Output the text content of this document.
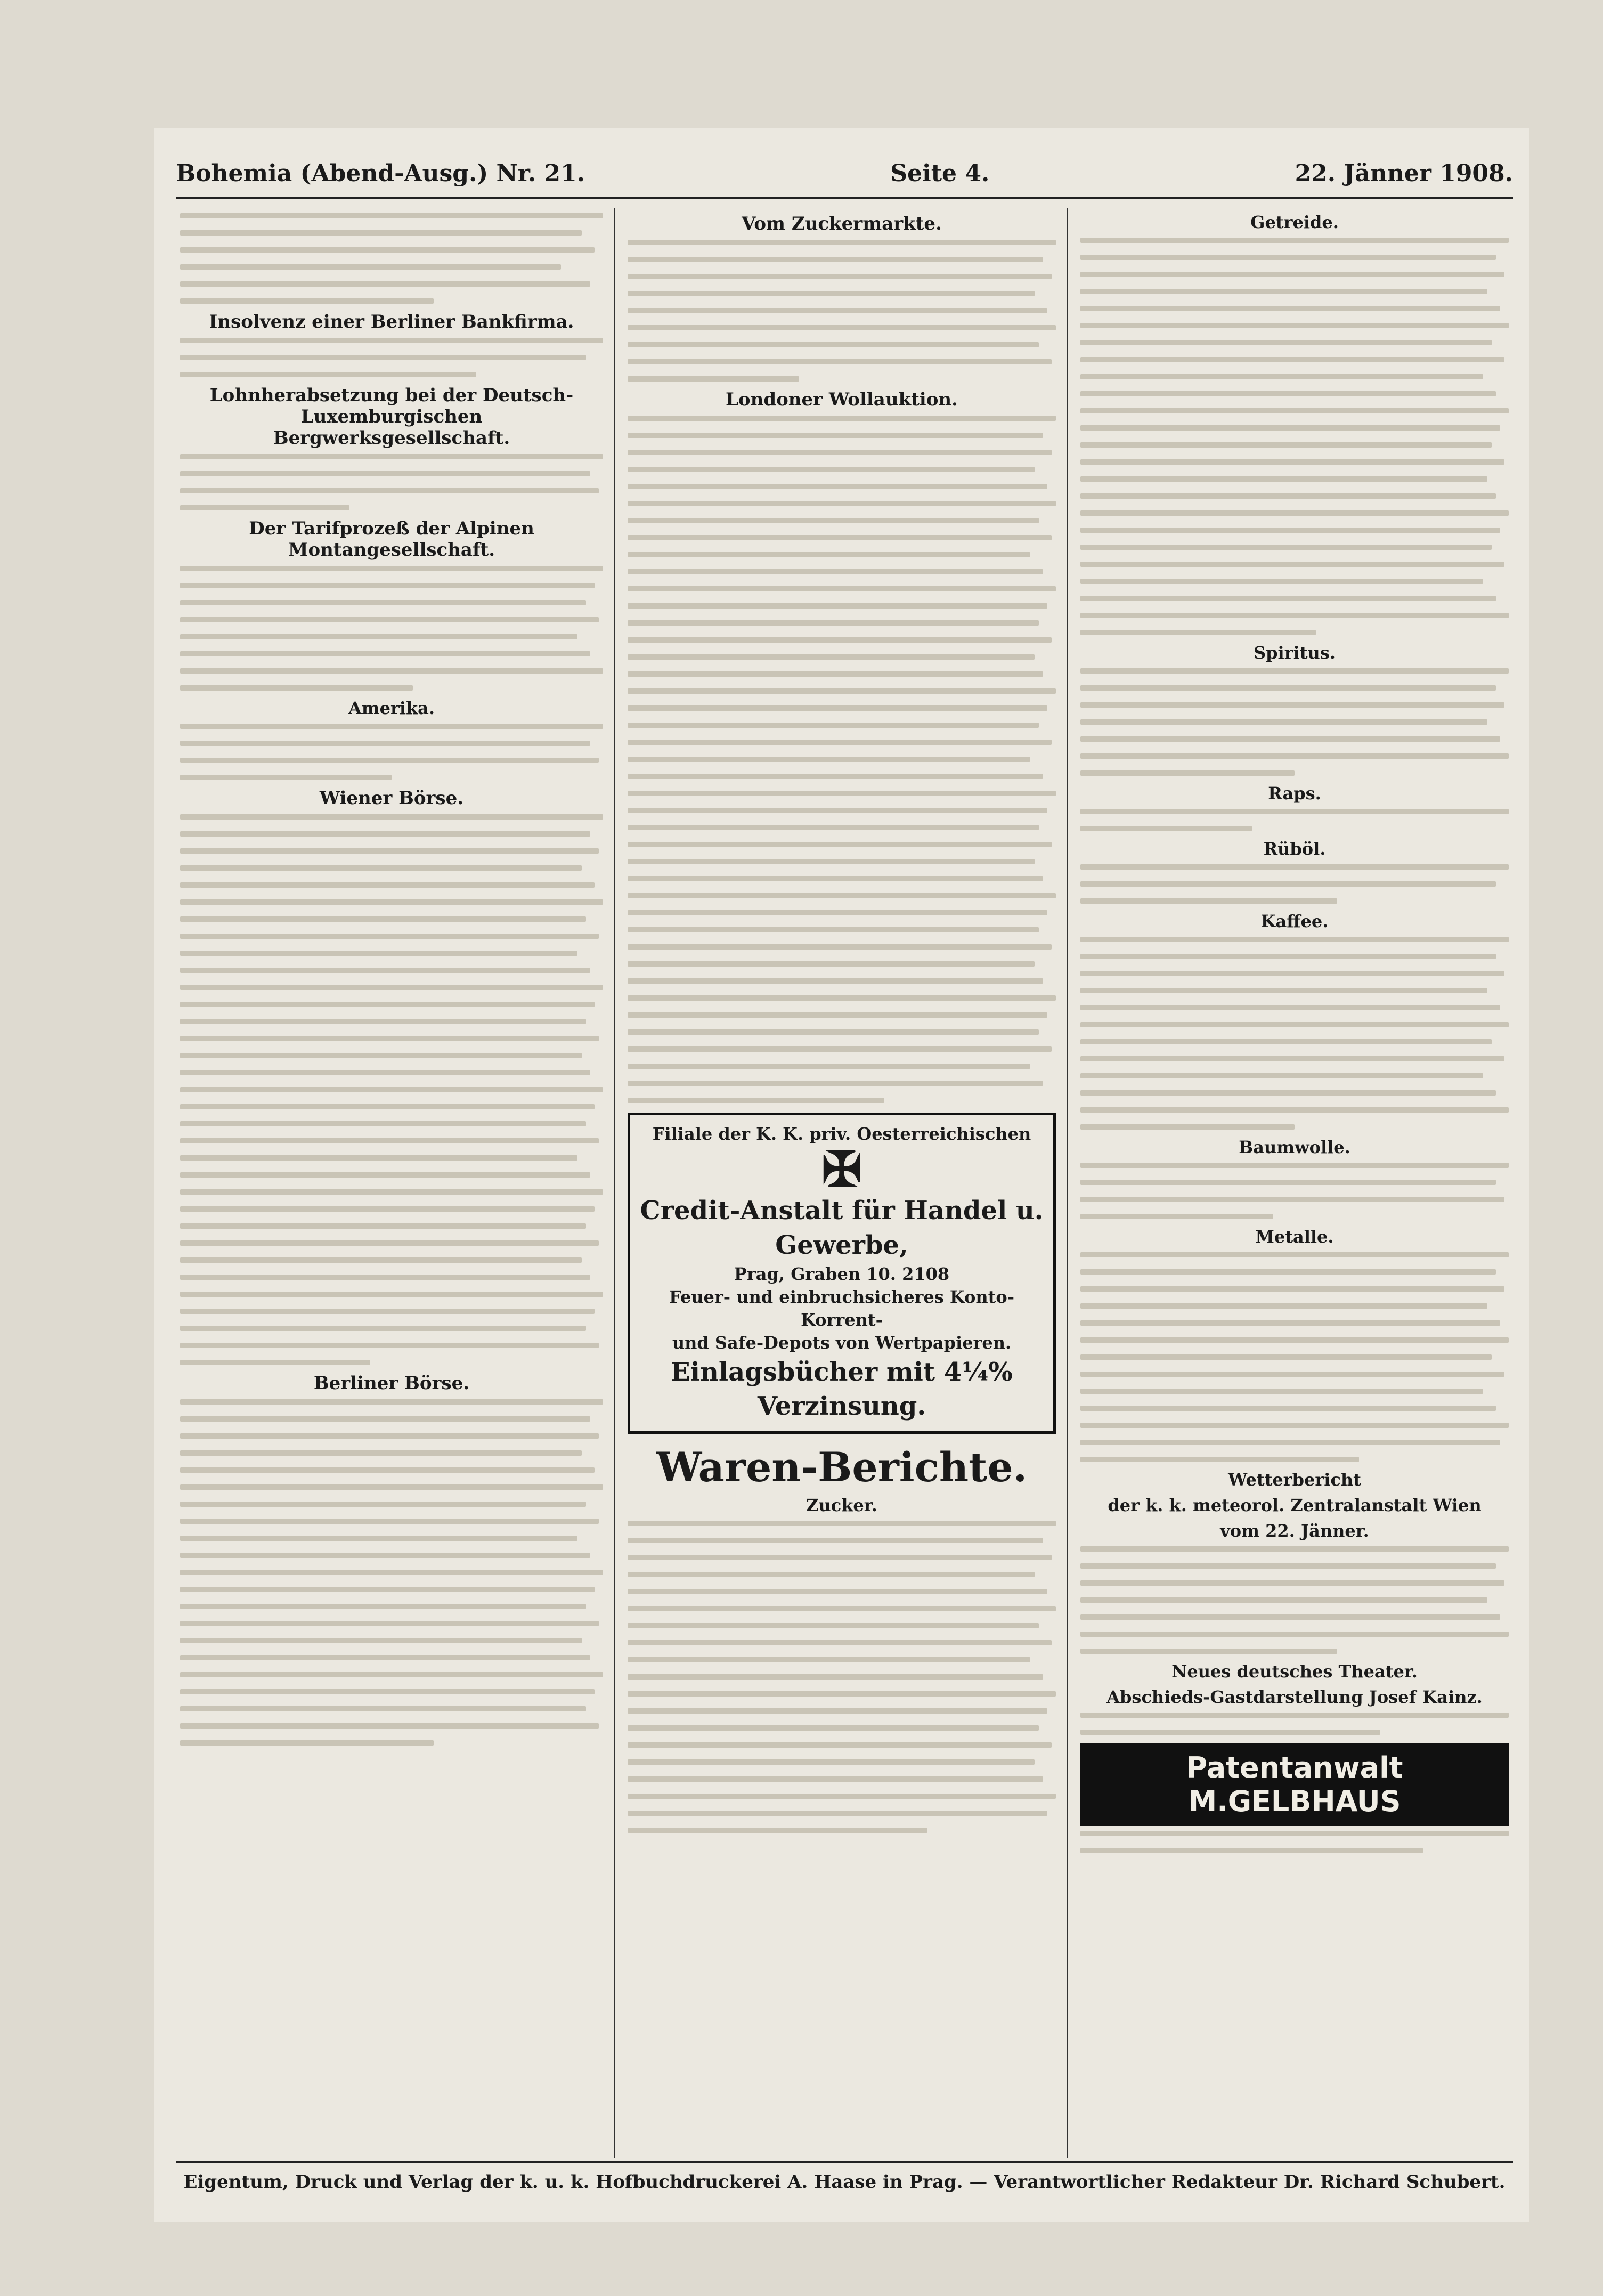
Bohemia (Abend-Ausg.) Nr. 21.	Seite 4.	22. Jänner 1908.
Insolvenz einer Berliner Bankfirma.
Lohnherabsetzung bei der Deutsch-Luxemburgischen Bergwerksgesellschaft.
Der Tarifprozeß der Alpinen Montangesellschaft.
Amerika.
Wiener Börse.
Berliner Börse.
Vom Zuckermarkte.
Londoner Wollauktion.
Filiale der K. K. priv. Oesterreichischen
✠
Credit-Anstalt für Handel u. Gewerbe,
Prag, Graben 10. 2108
Feuer- und einbruchsicheres Konto-Korrent-
und Safe-Depots von Wertpapieren.
Einlagsbücher mit 4¼% Verzinsung.
Waren-Berichte.
Zucker.
Getreide.
Spiritus.
Raps.
Rüböl.
Kaffee.
Baumwolle.
Metalle.
Wetterbericht
der k. k. meteorol. Zentralanstalt Wien
vom 22. Jänner.
Neues deutsches Theater.
Abschieds-Gastdarstellung Josef Kainz.
Patentanwalt M.GELBHAUS
Eigentum, Druck und Verlag der k. u. k. Hofbuchdruckerei A. Haase in Prag. — Verantwortlicher Redakteur Dr. Richard Schubert.
